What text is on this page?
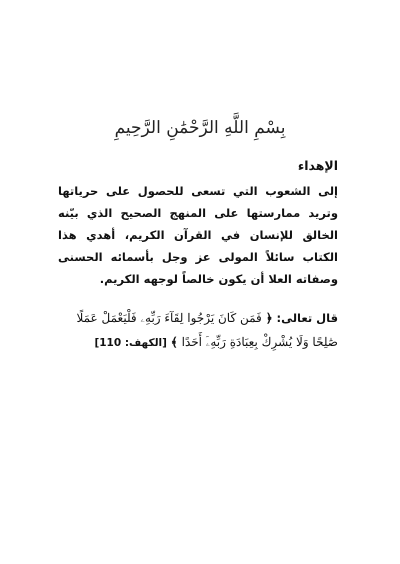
بِسْمِ اللَّهِ الرَّحْمَٰنِ الرَّحِيمِ
الإهداء
إلى الشعوب التي تسعى للحصول على حرياتها وتريد ممارستها على المنهج الصحيح الذي بيّنه الخالق للإنسان في القرآن الكريم، أهدي هذا الكتاب سائلاً المولى عز وجل بأسمائه الحسنى وصفاته العلا أن يكون خالصاً لوجهه الكريم.
قال تعالى: ﴿ فَمَن كَانَ يَرْجُوا لِقَآءَ رَبِّهِۦ فَلْيَعْمَلْ عَمَلًا صَٰلِحًا وَلَا يُشْرِكْ بِعِبَادَةِ رَبِّهِۦٓ أَحَدًا ﴾ [الكهف: 110]
